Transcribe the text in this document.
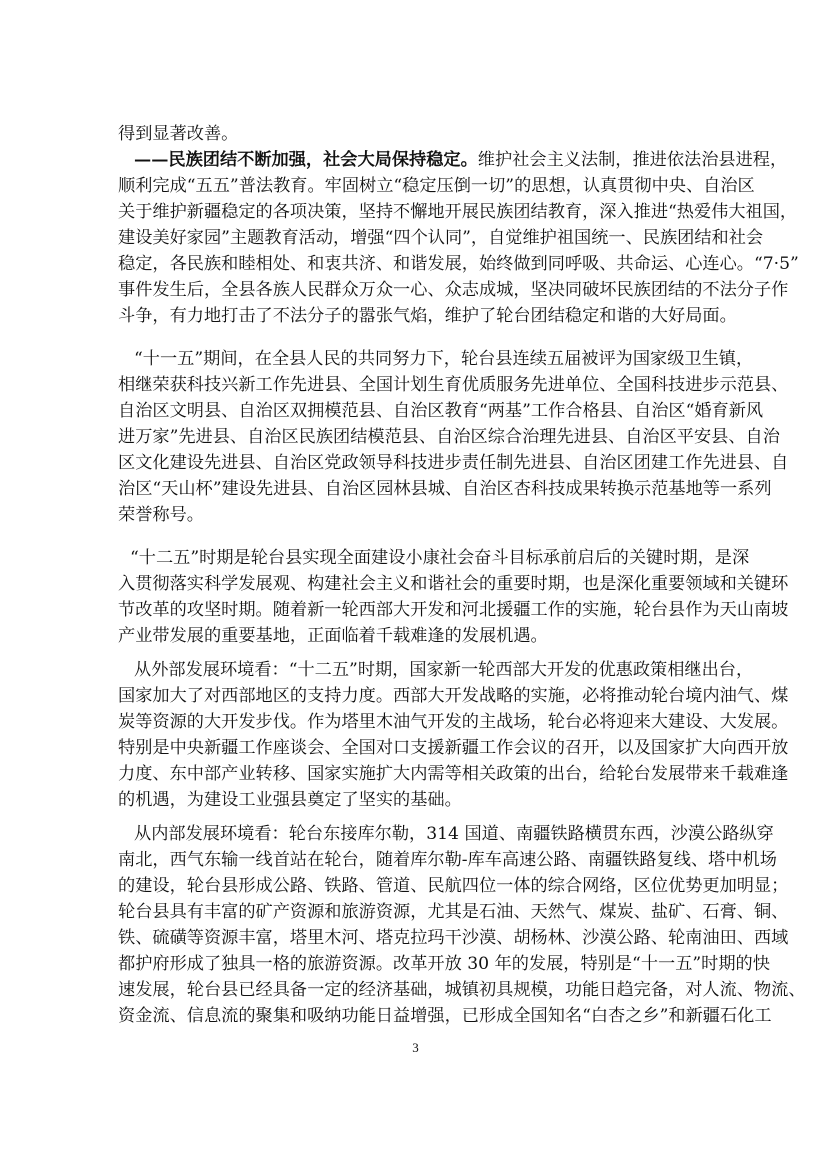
得到显著改善。
——民族团结不断加强，社会大局保持稳定。维护社会主义法制，推进依法治县进程，
顺利完成“五五”普法教育。牢固树立“稳定压倒一切”的思想，认真贯彻中央、自治区
关于维护新疆稳定的各项决策，坚持不懈地开展民族团结教育，深入推进“热爱伟大祖国，
建设美好家园”主题教育活动，增强“四个认同”，自觉维护祖国统一、民族团结和社会
稳定，各民族和睦相处、和衷共济、和谐发展，始终做到同呼吸、共命运、心连心。“7·5”
事件发生后，全县各族人民群众万众一心、众志成城，坚决同破坏民族团结的不法分子作
斗争，有力地打击了不法分子的嚣张气焰，维护了轮台团结稳定和谐的大好局面。
“十一五”期间，在全县人民的共同努力下，轮台县连续五届被评为国家级卫生镇，
相继荣获科技兴新工作先进县、全国计划生育优质服务先进单位、全国科技进步示范县、
自治区文明县、自治区双拥模范县、自治区教育“两基”工作合格县、自治区“婚育新风
进万家”先进县、自治区民族团结模范县、自治区综合治理先进县、自治区平安县、自治
区文化建设先进县、自治区党政领导科技进步责任制先进县、自治区团建工作先进县、自
治区“天山杯”建设先进县、自治区园林县城、自治区杏科技成果转换示范基地等一系列
荣誉称号。
“十二五”时期是轮台县实现全面建设小康社会奋斗目标承前启后的关键时期，是深
入贯彻落实科学发展观、构建社会主义和谐社会的重要时期，也是深化重要领域和关键环
节改革的攻坚时期。随着新一轮西部大开发和河北援疆工作的实施，轮台县作为天山南坡
产业带发展的重要基地，正面临着千载难逢的发展机遇。
从外部发展环境看：“十二五”时期，国家新一轮西部大开发的优惠政策相继出台，
国家加大了对西部地区的支持力度。西部大开发战略的实施，必将推动轮台境内油气、煤
炭等资源的大开发步伐。作为塔里木油气开发的主战场，轮台必将迎来大建设、大发展。
特别是中央新疆工作座谈会、全国对口支援新疆工作会议的召开，以及国家扩大向西开放
力度、东中部产业转移、国家实施扩大内需等相关政策的出台，给轮台发展带来千载难逢
的机遇，为建设工业强县奠定了坚实的基础。
从内部发展环境看：轮台东接库尔勒，314 国道、南疆铁路横贯东西，沙漠公路纵穿
南北，西气东输一线首站在轮台，随着库尔勒-库车高速公路、南疆铁路复线、塔中机场
的建设，轮台县形成公路、铁路、管道、民航四位一体的综合网络，区位优势更加明显；
轮台县具有丰富的矿产资源和旅游资源，尤其是石油、天然气、煤炭、盐矿、石膏、铜、
铁、硫磺等资源丰富，塔里木河、塔克拉玛干沙漠、胡杨林、沙漠公路、轮南油田、西域
都护府形成了独具一格的旅游资源。改革开放 30 年的发展，特别是“十一五”时期的快
速发展，轮台县已经具备一定的经济基础，城镇初具规模，功能日趋完备，对人流、物流、
资金流、信息流的聚集和吸纳功能日益增强，已形成全国知名“白杏之乡”和新疆石化工
3
